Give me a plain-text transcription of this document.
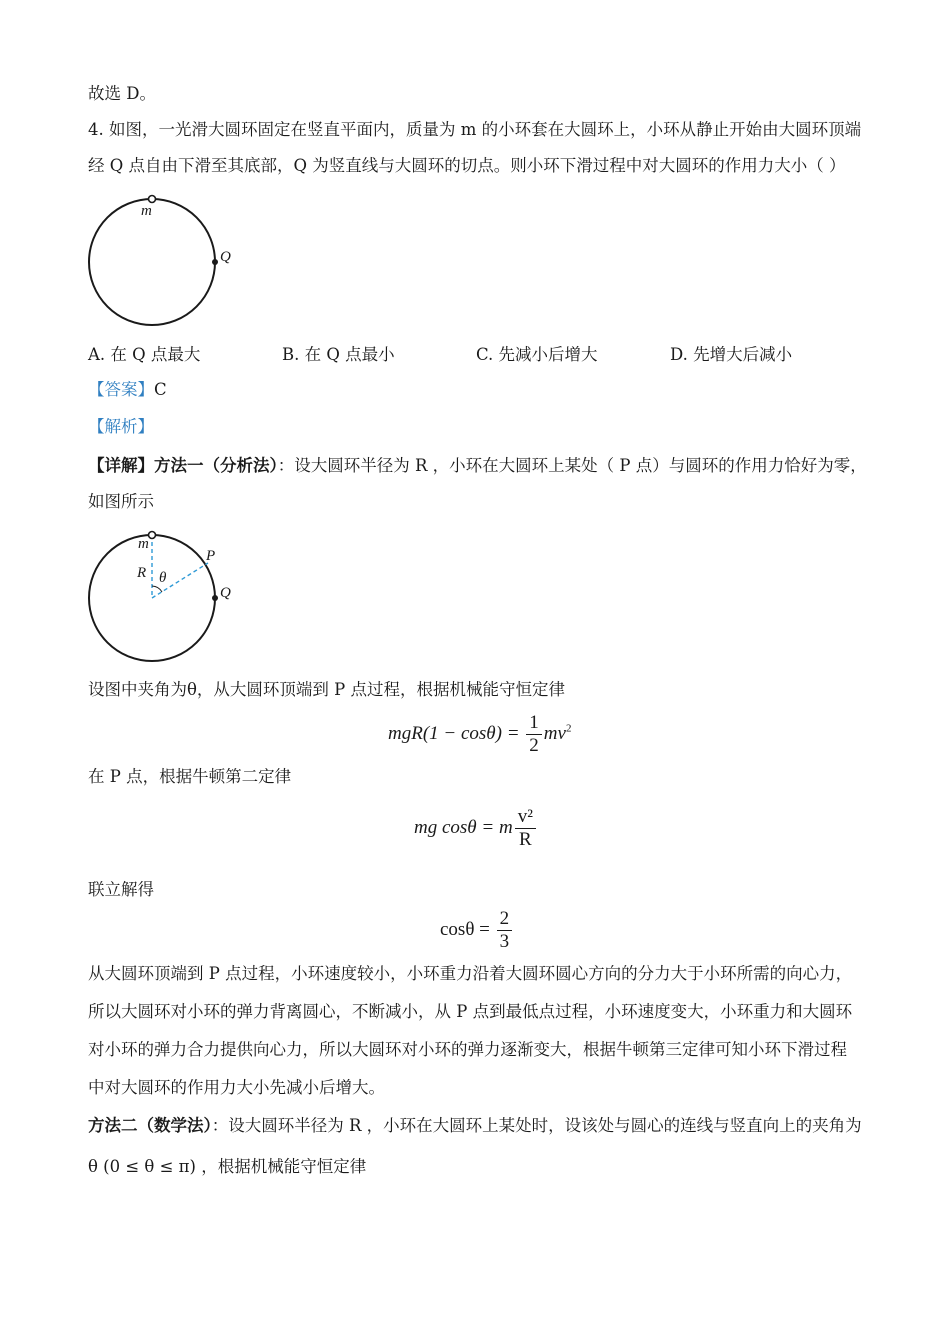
故选 D。
4. 如图，一光滑大圆环固定在竖直平面内，质量为 m 的小环套在大圆环上，小环从静止开始由大圆环顶端
经 Q 点自由下滑至其底部，Q 为竖直线与大圆环的切点。则小环下滑过程中对大圆环的作用力大小（ ）
m
Q
A. 在 Q 点最大	B. 在 Q 点最小	C. 先减小后增大	D. 先增大后减小
【答案】C
【解析】
【详解】方法一（分析法）：设大圆环半径为 R ，小环在大圆环上某处（ P 点）与圆环的作用力恰好为零，
如图所示
m
P
R θ
Q
设图中夹角为θ，从大圆环顶端到 P 点过程，根据机械能守恒定律
$mgR(1 - \cos\theta) = \frac{1}{2} mv^2$
在 P 点，根据牛顿第二定律
mg cosθ = m $\frac{\text{v²}}{R}$
联立解得
$\cos\theta = \frac{2}{3}$
从大圆环顶端到 P 点过程，小环速度较小，小环重力沿着大圆环圆心方向的分力大于小环所需的向心力，
所以大圆环对小环的弹力背离圆心，不断减小，从 P 点到最低点过程，小环速度变大，小环重力和大圆环
对小环的弹力合力提供向心力，所以大圆环对小环的弹力逐渐变大，根据牛顿第三定律可知小环下滑过程
中对大圆环的作用力大小先减小后增大。
方法二（数学法）：设大圆环半径为 R ，小环在大圆环上某处时，设该处与圆心的连线与竖直向上的夹角为
θ (0 ≤ θ ≤ π) ，根据机械能守恒定律
